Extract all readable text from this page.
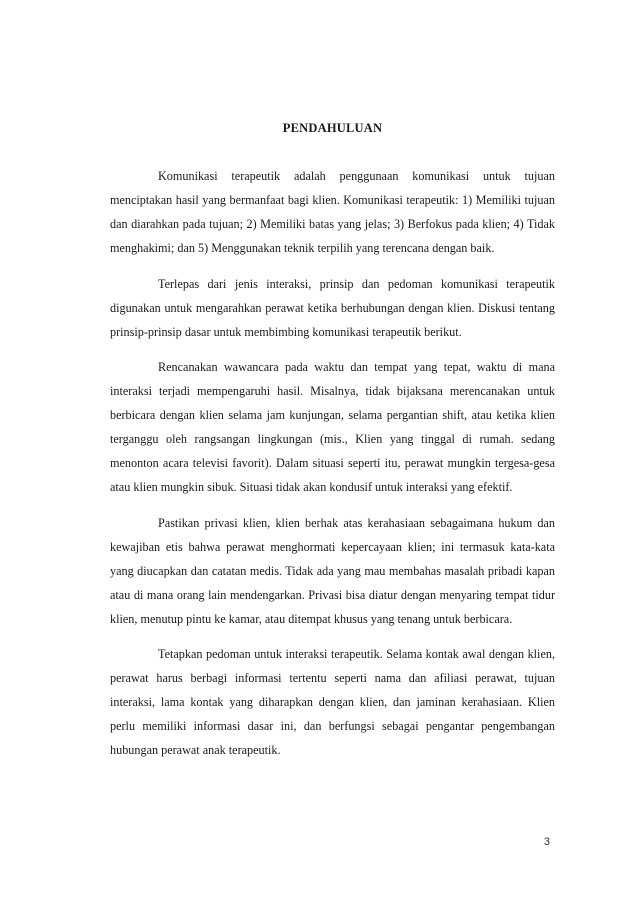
PENDAHULUAN

Komunikasi terapeutik adalah penggunaan komunikasi untuk tujuan menciptakan hasil yang bermanfaat bagi klien. Komunikasi terapeutik: 1) Memiliki tujuan dan diarahkan pada tujuan; 2) Memiliki batas yang jelas; 3) Berfokus pada klien; 4) Tidak menghakimi; dan 5) Menggunakan teknik terpilih yang terencana dengan baik.

Terlepas dari jenis interaksi, prinsip dan pedoman komunikasi terapeutik digunakan untuk mengarahkan perawat ketika berhubungan dengan klien. Diskusi tentang prinsip-prinsip dasar untuk membimbing komunikasi terapeutik berikut.

Rencanakan wawancara pada waktu dan tempat yang tepat, waktu di mana interaksi terjadi mempengaruhi hasil. Misalnya, tidak bijaksana merencanakan untuk berbicara dengan klien selama jam kunjungan, selama pergantian shift, atau ketika klien terganggu oleh rangsangan lingkungan (mis., Klien yang tinggal di rumah. sedang menonton acara televisi favorit). Dalam situasi seperti itu, perawat mungkin tergesa-gesa atau klien mungkin sibuk. Situasi tidak akan kondusif untuk interaksi yang efektif.

Pastikan privasi klien, klien berhak atas kerahasiaan sebagaimana hukum dan kewajiban etis bahwa perawat menghormati kepercayaan klien; ini termasuk kata-kata yang diucapkan dan catatan medis. Tidak ada yang mau membahas masalah pribadi kapan atau di mana orang lain mendengarkan. Privasi bisa diatur dengan menyaring tempat tidur klien, menutup pintu ke kamar, atau ditempat khusus yang tenang untuk berbicara.

Tetapkan pedoman untuk interaksi terapeutik. Selama kontak awal dengan klien, perawat harus berbagi informasi tertentu seperti nama dan afiliasi perawat, tujuan interaksi, lama kontak yang diharapkan dengan klien, dan jaminan kerahasiaan. Klien perlu memiliki informasi dasar ini, dan berfungsi sebagai pengantar pengembangan hubungan perawat anak terapeutik.

3
